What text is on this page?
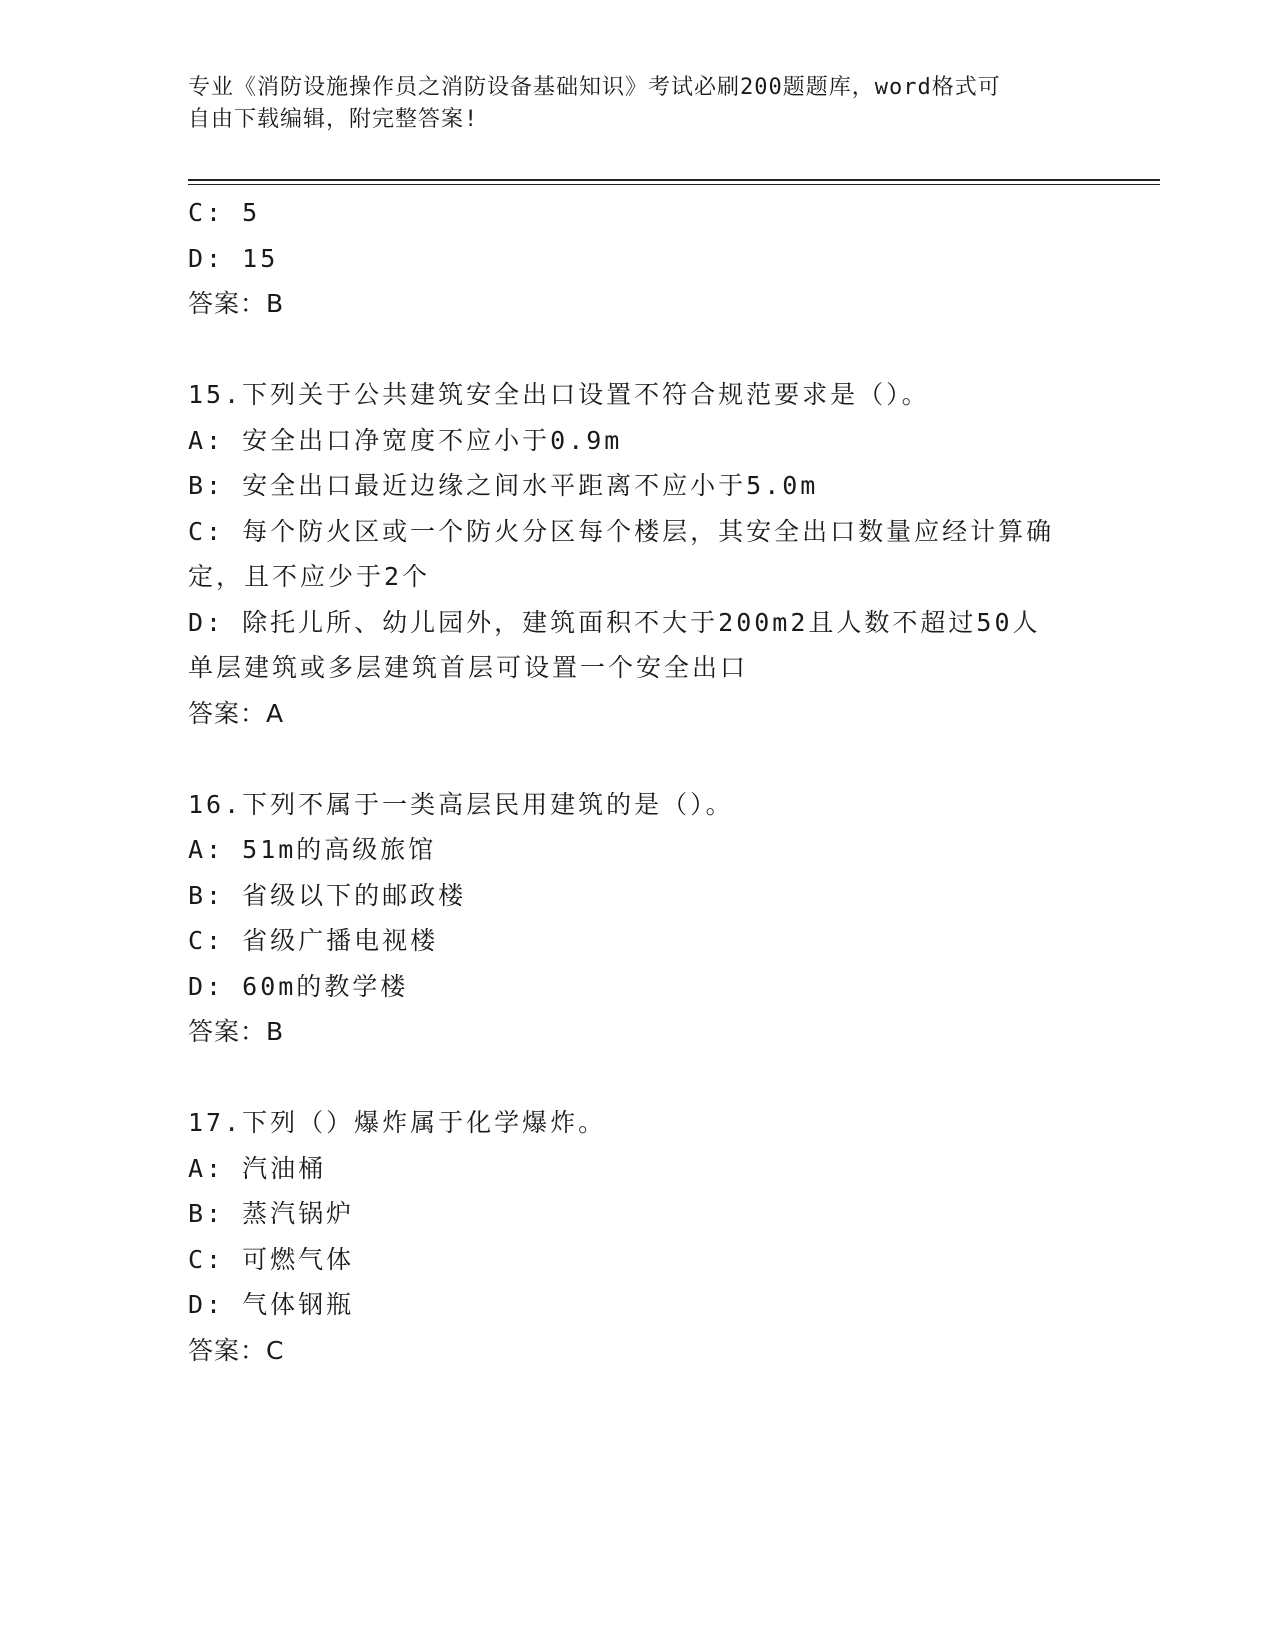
专业《消防设施操作员之消防设备基础知识》考试必刷200题题库，word格式可
自由下载编辑，附完整答案!
C: 5
D: 15
答案：B
15.下列关于公共建筑安全出口设置不符合规范要求是（）。
A: 安全出口净宽度不应小于0.9m
B: 安全出口最近边缘之间水平距离不应小于5.0m
C: 每个防火区或一个防火分区每个楼层，其安全出口数量应经计算确
定，且不应少于2个
D: 除托儿所、幼儿园外，建筑面积不大于200m2且人数不超过50人
单层建筑或多层建筑首层可设置一个安全出口
答案：A
16.下列不属于一类高层民用建筑的是（）。
A: 51m的高级旅馆
B: 省级以下的邮政楼
C: 省级广播电视楼
D: 60m的教学楼
答案：B
17.下列（）爆炸属于化学爆炸。
A: 汽油桶
B: 蒸汽锅炉
C: 可燃气体
D: 气体钢瓶
答案：C
